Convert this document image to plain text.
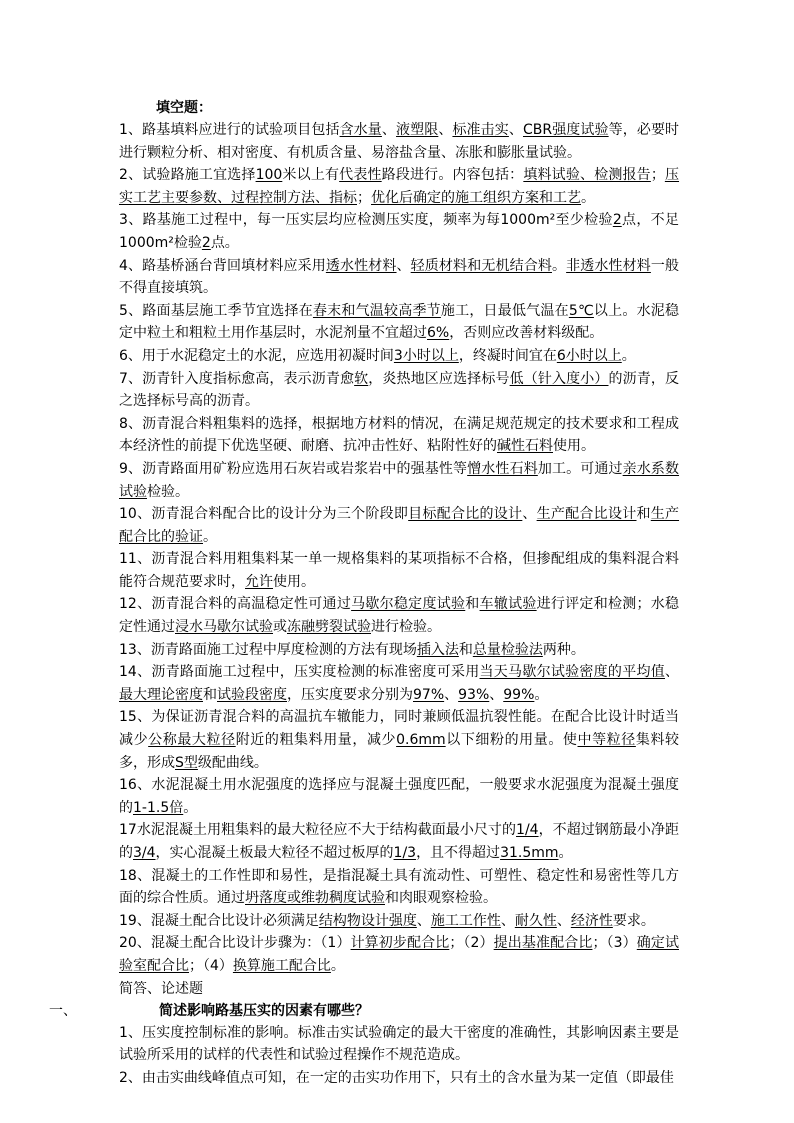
填空题：

1、路基填料应进行的试验项目包括含水量、液塑限、标准击实、CBR强度试验等，必要时进行颗粒分析、相对密度、有机质含量、易溶盐含量、冻胀和膨胀量试验。

2、试验路施工宜选择100米以上有代表性路段进行。内容包括：填料试验、检测报告；压实工艺主要参数、过程控制方法、指标；优化后确定的施工组织方案和工艺。

3、路基施工过程中，每一压实层均应检测压实度，频率为每1000m²至少检验2点，不足1000m²检验2点。

4、路基桥涵台背回填材料应采用透水性材料、轻质材料和无机结合料。非透水性材料一般不得直接填筑。

5、路面基层施工季节宜选择在春末和气温较高季节施工，日最低气温在5℃以上。水泥稳定中粒土和粗粒土用作基层时，水泥剂量不宜超过6%，否则应改善材料级配。

6、用于水泥稳定土的水泥，应选用初凝时间3小时以上，终凝时间宜在6小时以上。

7、沥青针入度指标愈高，表示沥青愈软，炎热地区应选择标号低（针入度小）的沥青，反之选择标号高的沥青。

8、沥青混合料粗集料的选择，根据地方材料的情况，在满足规范规定的技术要求和工程成本经济性的前提下优选坚硬、耐磨、抗冲击性好、粘附性好的碱性石料使用。

9、沥青路面用矿粉应选用石灰岩或岩浆岩中的强基性等憎水性石料加工。可通过亲水系数试验检验。

10、沥青混合料配合比的设计分为三个阶段即目标配合比的设计、生产配合比设计和生产配合比的验证。

11、沥青混合料用粗集料某一单一规格集料的某项指标不合格，但掺配组成的集料混合料能符合规范要求时，允许使用。

12、沥青混合料的高温稳定性可通过马歇尔稳定度试验和车辙试验进行评定和检测；水稳定性通过浸水马歇尔试验或冻融劈裂试验进行检验。

13、沥青路面施工过程中厚度检测的方法有现场插入法和总量检验法两种。

14、沥青路面施工过程中，压实度检测的标准密度可采用当天马歇尔试验密度的平均值、最大理论密度和试验段密度，压实度要求分别为97%、93%、99%。

15、为保证沥青混合料的高温抗车辙能力，同时兼顾低温抗裂性能。在配合比设计时适当减少公称最大粒径附近的粗集料用量，减少0.6mm以下细粉的用量。使中等粒径集料较多，形成S型级配曲线。

16、水泥混凝土用水泥强度的选择应与混凝土强度匹配，一般要求水泥强度为混凝土强度的1-1.5倍。

17水泥混凝土用粗集料的最大粒径应不大于结构截面最小尺寸的1/4，不超过钢筋最小净距的3/4，实心混凝土板最大粒径不超过板厚的1/3，且不得超过31.5mm。

18、混凝土的工作性即和易性，是指混凝土具有流动性、可塑性、稳定性和易密性等几方面的综合性质。通过坍落度或维勃稠度试验和肉眼观察检验。

19、混凝土配合比设计必须满足结构物设计强度、施工工作性、耐久性、经济性要求。

20、混凝土配合比设计步骤为：（1）计算初步配合比；（2）提出基准配合比；（3）确定试验室配合比；（4）换算施工配合比。

简答、论述题
一、	简述影响路基压实的因素有哪些？

1、压实度控制标准的影响。标准击实试验确定的最大干密度的准确性，其影响因素主要是试验所采用的试样的代表性和试验过程操作不规范造成。

2、由击实曲线峰值点可知，在一定的击实功作用下，只有土的含水量为某一定值（即最佳
